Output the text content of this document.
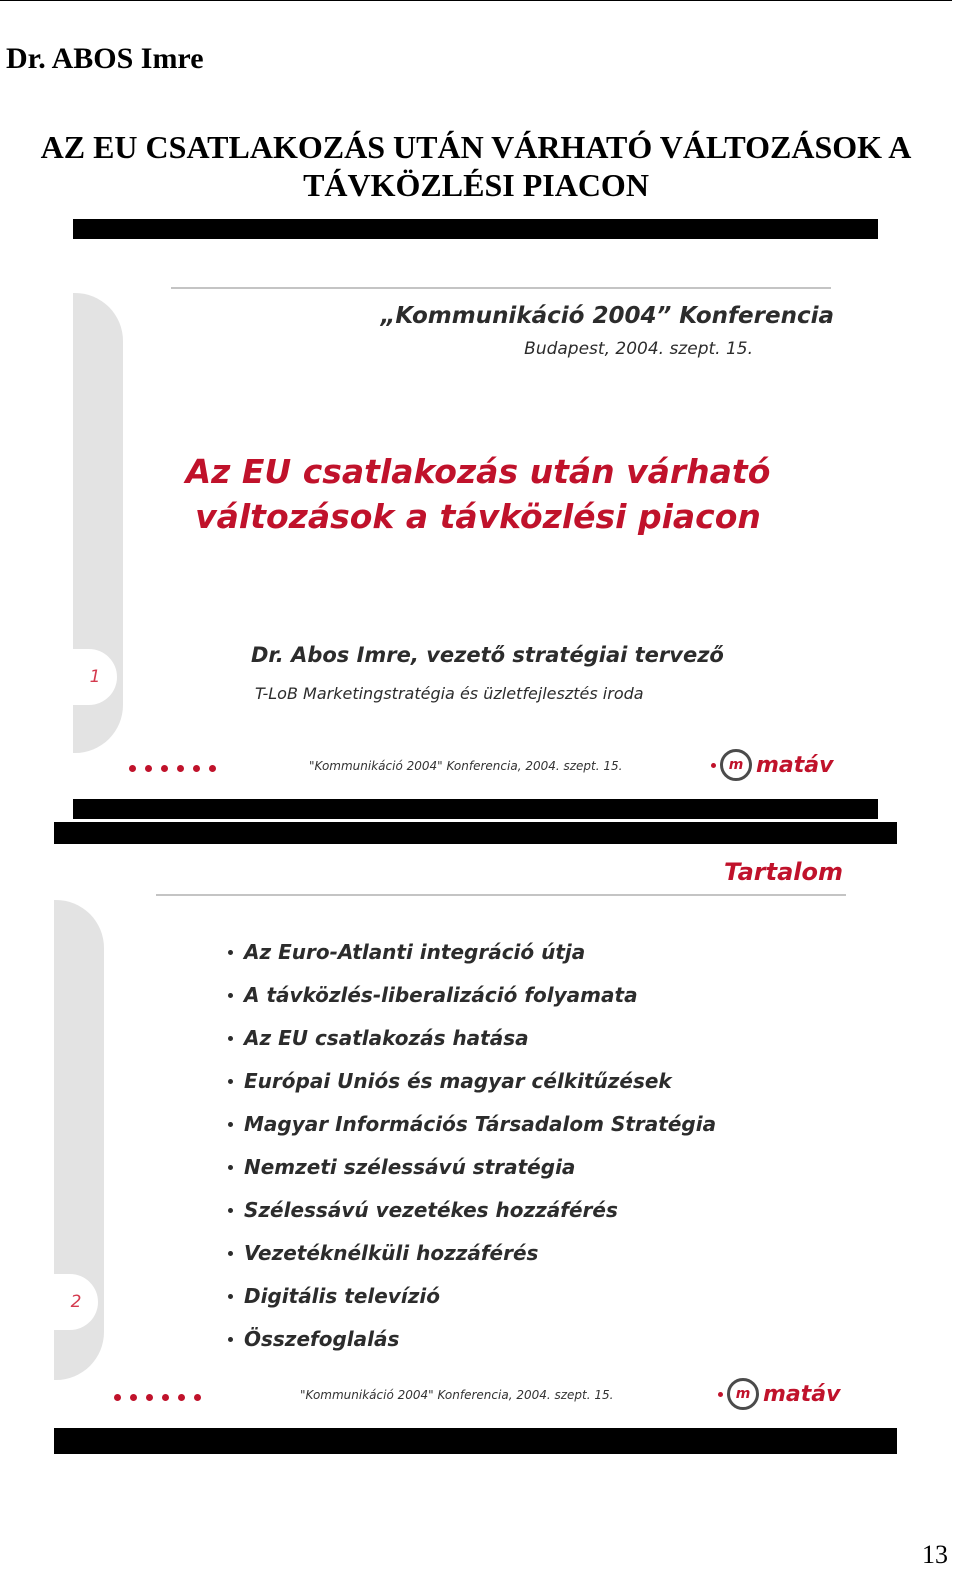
Dr. ABOS Imre
AZ EU CSATLAKOZÁS UTÁN VÁRHATÓ VÁLTOZÁSOK A
TÁVKÖZLÉSI PIACON
1
„Kommunikáció 2004” Konferencia
Budapest, 2004. szept. 15.
Az EU csatlakozás után várható
változások a távközlési piacon
Dr. Abos Imre, vezető stratégiai tervező
T-LoB Marketingstratégia és üzletfejlesztés iroda
"Kommunikáció 2004" Konferencia, 2004. szept. 15.	m matáv
2
Tartalom
Az Euro-Atlanti integráció útja
A távközlés-liberalizáció folyamata
Az EU csatlakozás hatása
Európai Uniós és magyar célkitűzések
Magyar Információs Társadalom Stratégia
Nemzeti szélessávú stratégia
Szélessávú vezetékes hozzáférés
Vezetéknélküli hozzáférés
Digitális televízió
Összefoglalás
"Kommunikáció 2004" Konferencia, 2004. szept. 15.	m matáv
13
